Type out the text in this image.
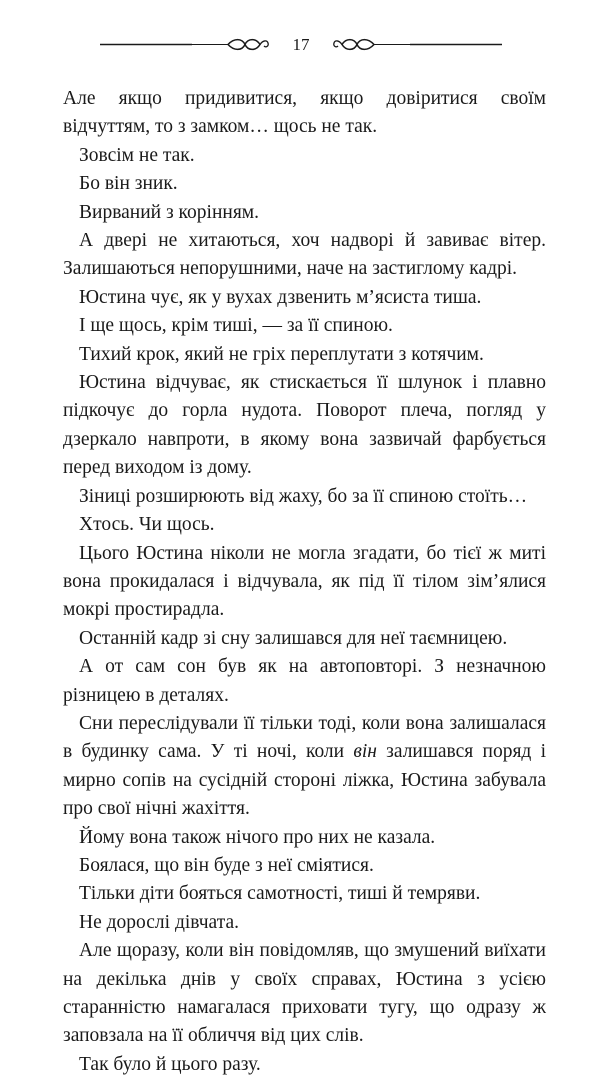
17

Але якщо придивитися, якщо довіритися своїм відчуттям, то з замком… щось не так.

Зовсім не так.

Бо він зник.

Вирваний з корінням.

А двері не хитаються, хоч надворі й завиває вітер. Залишаються непорушними, наче на застиглому кадрі.

Юстина чує, як у вухах дзвенить м’ясиста тиша.

І ще щось, крім тиші, — за її спиною.

Тихий крок, який не гріх переплутати з котячим.

Юстина відчуває, як стискається її шлунок і плавно підкочує до горла нудота. Поворот плеча, погляд у дзеркало навпроти, в якому вона зазвичай фарбується перед виходом із дому.

Зіниці розширюють від жаху, бо за її спиною стоїть…

Хтось. Чи щось.

Цього Юстина ніколи не могла згадати, бо тієї ж миті вона прокидалася і відчувала, як під її тілом зім’ялися мокрі простирадла.

Останній кадр зі сну залишався для неї таємницею.

А от сам сон був як на автоповторі. З незначною різницею в деталях.

Сни переслідували її тільки тоді, коли вона залишалася в будинку сама. У ті ночі, коли він залишався поряд і мирно сопів на сусідній стороні ліжка, Юстина забувала про свої нічні жахіття.

Йому вона також нічого про них не казала.

Боялася, що він буде з неї сміятися.

Тільки діти бояться самотності, тиші й темряви.

Не дорослі дівчата.

Але щоразу, коли він повідомляв, що змушений виїхати на декілька днів у своїх справах, Юстина з усією старанністю намагалася приховати тугу, що одразу ж заповзала на її обличчя від цих слів.

Так було й цього разу.
